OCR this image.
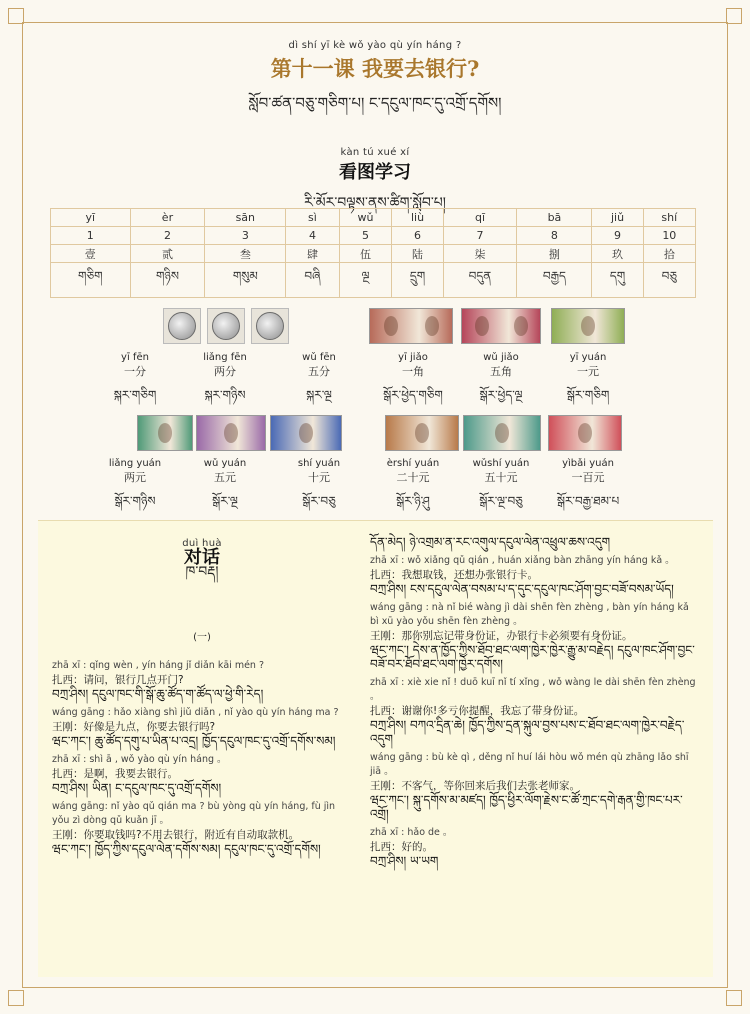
dì shí yī kè wǒ yào qù yín háng ?
第十一课 我要去银行?
སློབ་ཚན་བཅུ་གཅིག་པ། ང་དངུལ་ཁང་དུ་འགྲོ་དགོས།
kàn tú xué xí
看图学习
རི་མོར་བལྟས་ནས་ཚིག་སློབ་པ།
yī	èr	sān	sì	wǔ	liù	qī	bā	jiǔ	shí
1	2	3	4	5	6	7	8	9	10
壹	贰	叁	肆	伍	陆	柒	捌	玖	拾
གཅིག	གཉིས	གསུམ	བཞི	ལྔ	དྲུག	བདུན	བརྒྱད	དགུ	བཅུ
yī fēn
一分
སྐར་གཅིག
liǎng fēn
两分
སྐར་གཉིས
wǔ fēn
五分
སྐར་ལྔ
yī jiǎo
一角
སྒོར་ཕྱེད་གཅིག
wǔ jiǎo
五角
སྒོར་ཕྱེད་ལྔ
yī yuán
一元
སྒོར་གཅིག
liǎng yuán
两元
སྒོར་གཉིས
wǔ yuán
五元
སྒོར་ལྔ
shí yuán
十元
སྒོར་བཅུ
èrshí yuán
二十元
སྒོར་ཉི་ཤུ
wǔshí yuán
五十元
སྒོར་ལྔ་བཅུ
yìbǎi yuán
一百元
སྒོར་བརྒྱ་ཐམ་པ
duì huà
对话
ཁ་བརྡ།
(一)
zhā xī : qǐng wèn , yín háng jǐ diǎn kāi mén ?
扎西：请问，银行几点开门?
བཀྲ་ཤིས། དངུལ་ཁང་གི་སྒོ་ཆུ་ཚོད་ག་ཚོད་ལ་ཕྱེ་གི་རེད།
wáng gāng : hǎo xiàng shì jiǔ diǎn , nǐ yào qù yín háng ma ?
王刚：好像是九点，你要去银行吗?
ཝང་ཀང་། ཆུ་ཚོད་དགུ་པ་ཡིན་པ་འདྲ། ཁྱོད་དངུལ་ཁང་དུ་འགྲོ་དགོས་སམ།
zhā xī : shì ā , wǒ yào qù yín háng 。
扎西：是啊，我要去银行。
བཀྲ་ཤིས། ཡིན། ང་དངུལ་ཁང་དུ་འགྲོ་དགོས།
wáng gāng: nǐ yào qǔ qián ma ? bù yòng qù yín háng, fù jìn yǒu zì dòng qǔ kuǎn jī 。
王刚：你要取钱吗?不用去银行，附近有自动取款机。
ཝང་ཀང་། ཁྱོད་ཀྱིས་དངུལ་ལེན་དགོས་སམ། དངུལ་ཁང་དུ་འགྲོ་དགོས།
དོན་མེད། ཉེ་འགྲམ་ན་རང་འགུལ་དངུལ་ལེན་འཕྲུལ་ཆས་འདུག
zhā xī : wǒ xiǎng qǔ qián , huán xiǎng bàn zhāng yín háng kǎ 。
扎西：我想取钱，还想办张银行卡。
བཀྲ་ཤིས། ངས་དངུལ་ལེན་བསམ་པ་ད་དུང་དངུལ་ཁང་ཤོག་བྱང་བཟོ་བསམ་ཡོད།
wáng gāng : nà nǐ bié wàng jì dài shēn fèn zhèng , bàn yín háng kǎ bì xū yào yǒu shēn fèn zhèng 。
王刚：那你别忘记带身份证，办银行卡必须要有身份证。
ཝང་ཀང་། དེས་ན་ཁྱོད་ཀྱིས་ཐོབ་ཐང་ལག་ཁྱེར་ཁྱེར་རྒྱུ་མ་བརྗེད། དངུལ་ཁང་ཤོག་བྱང་བཟོ་བར་ཐོབ་ཐང་ལག་ཁྱེར་དགོས།
zhā xī : xiè xie nǐ ! duō kuī nǐ tí xǐng , wǒ wàng le dài shēn fèn zhèng 。
扎西：谢谢你!多亏你提醒，我忘了带身份证。
བཀྲ་ཤིས། བཀའ་དྲིན་ཆེ། ཁྱོད་ཀྱིས་དྲན་སྐུལ་བྱས་པས་ང་ཐོབ་ཐང་ལག་ཁྱེར་བརྗེད་འདུག
wáng gāng : bù kè qì , děng nǐ huí lái hòu wǒ mén qù zhāng lǎo shī jiā 。
王刚：不客气，等你回来后我们去张老师家。
ཝང་ཀང་། སྐུ་དགོས་མ་མཛད། ཁྱོད་ཕྱིར་ལོག་རྗེས་ང་ཚོ་ཀྲང་དགེ་རྒན་གྱི་ཁང་པར་འགྲོ།
zhā xī : hǎo de 。
扎西：好的。
བཀྲ་ཤིས། ཡ་ཡག
